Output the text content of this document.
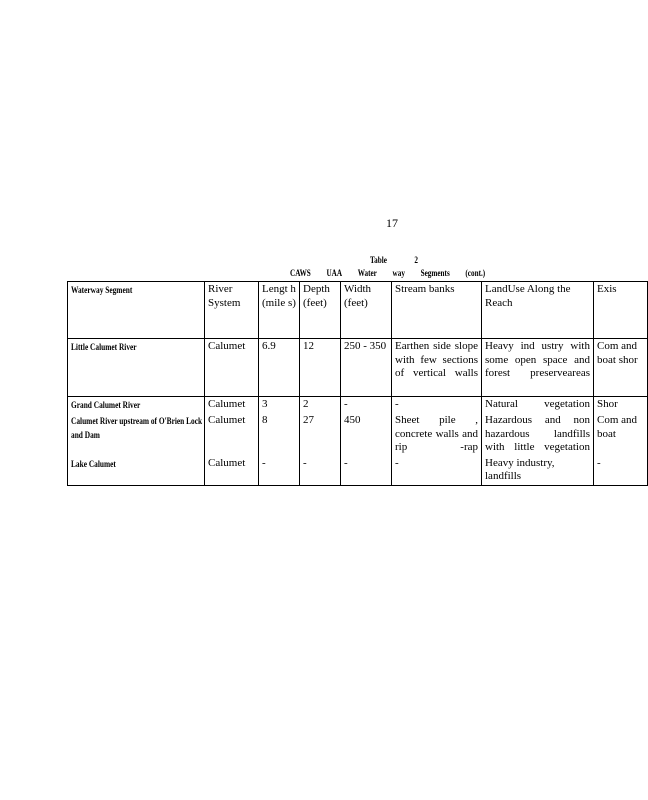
17
Table	2
CAWS UAA Water way Segments (cont.)
Waterway Segment	River System	Lengt h (mile s)	Depth (feet)	Width (feet)	Stream banks	LandUse Along the Reach	Exis

Little Calumet River	Calumet	6.9	12	250 - 350	Earthen side slope with few sections of vertical walls	Heavy ind ustry with some open space and forest preserveareas	Com and boat shor

Grand Calumet River	Calumet	3	2	-	-	Natural vegetation	Shor

Calumet River upstream of O'Brien Lock and Dam	Calumet	8	27	450	Sheet pile , concrete walls and rip -rap	Hazardous and non hazardous landfills with little vegetation	Com and boat

Lake Calumet	Calumet	-	-	-	-	Heavy industry, landfills	-
